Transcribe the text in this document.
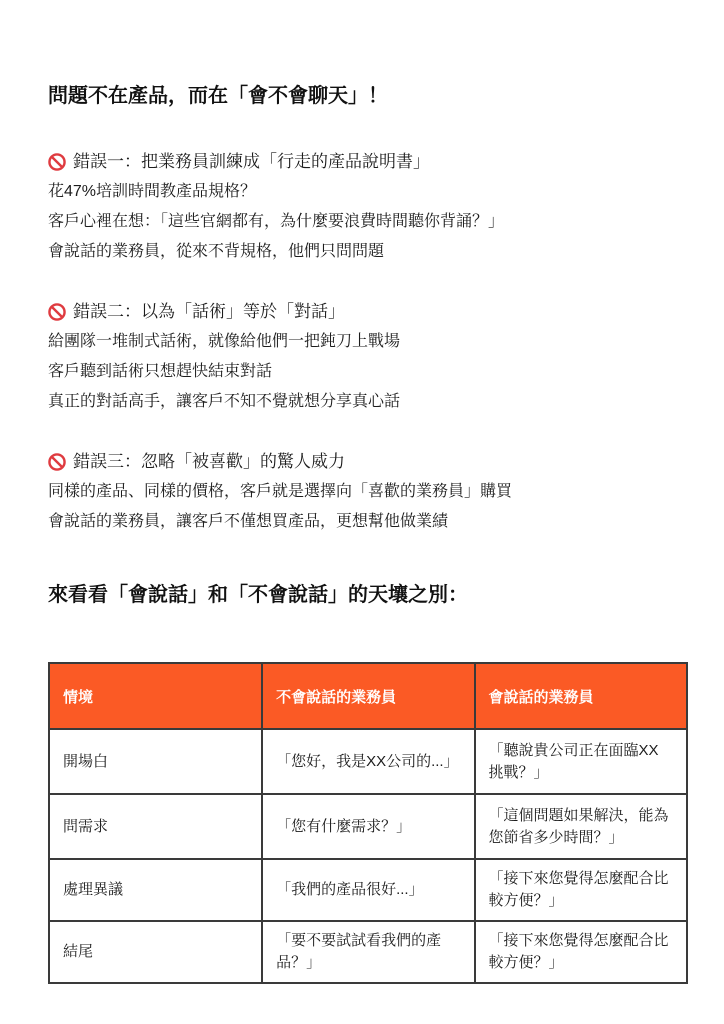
問題不在產品，而在「會不會聊天」！
錯誤一：把業務員訓練成「行走的產品說明書」

花47%培訓時間教產品規格？

客戶心裡在想：「這些官網都有，為什麼要浪費時間聽你背誦？」

會說話的業務員，從來不背規格，他們只問問題

錯誤二：以為「話術」等於「對話」

給團隊一堆制式話術，就像給他們一把鈍刀上戰場

客戶聽到話術只想趕快結束對話

真正的對話高手，讓客戶不知不覺就想分享真心話

錯誤三：忽略「被喜歡」的驚人威力

同樣的產品、同樣的價格，客戶就是選擇向「喜歡的業務員」購買

會說話的業務員，讓客戶不僅想買產品，更想幫他做業績

來看看「會說話」和「不會說話」的天壤之別：
情境	不會說話的業務員	會說話的業務員
開場白	「您好，我是XX公司的...」	「聽說貴公司正在面臨XX挑戰？」
問需求	「您有什麼需求？」	「這個問題如果解決，能為您節省多少時間？」
處理異議	「我們的產品很好...」	「接下來您覺得怎麼配合比較方便？」
結尾	「要不要試試看我們的產品？」	「接下來您覺得怎麼配合比較方便？」
